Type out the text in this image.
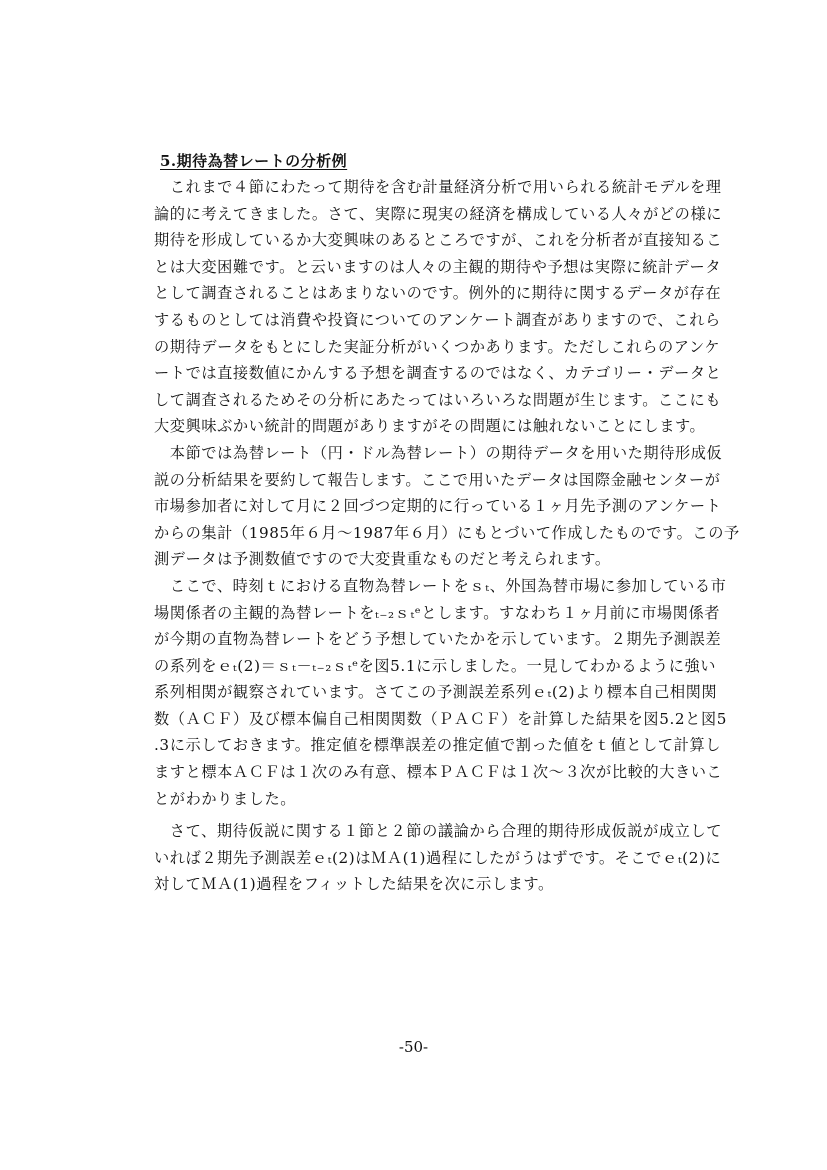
5.期待為替レートの分析例
　これまで４節にわたって期待を含む計量経済分析で用いられる統計モデルを理
論的に考えてきました。さて、実際に現実の経済を構成している人々がどの様に
期待を形成しているか大変興味のあるところですが、これを分析者が直接知るこ
とは大変困難です。と云いますのは人々の主観的期待や予想は実際に統計データ
として調査されることはあまりないのです。例外的に期待に関するデータが存在
するものとしては消費や投資についてのアンケート調査がありますので、これら
の期待データをもとにした実証分析がいくつかあります。ただしこれらのアンケ
ートでは直接数値にかんする予想を調査するのではなく、カテゴリー・データと
して調査されるためその分析にあたってはいろいろな問題が生じます。ここにも
大変興味ぶかい統計的問題がありますがその問題には触れないことにします。
　本節では為替レート（円・ドル為替レート）の期待データを用いた期待形成仮
説の分析結果を要約して報告します。ここで用いたデータは国際金融センターが
市場参加者に対して月に２回づつ定期的に行っている１ヶ月先予測のアンケート
からの集計（1985年６月～1987年６月）にもとづいて作成したものです。この予
測データは予測数値ですので大変貴重なものだと考えられます。
　ここで、時刻ｔにおける直物為替レートをｓₜ、外国為替市場に参加している市
場関係者の主観的為替レートをₜ₋₂ｓₜᵉとします。すなわち１ヶ月前に市場関係者
が今期の直物為替レートをどう予想していたかを示しています。２期先予測誤差
の系列をｅₜ(2)＝ｓₜ－ₜ₋₂ｓₜᵉを図5.1に示しました。一見してわかるように強い
系列相関が観察されています。さてこの予測誤差系列ｅₜ(2)より標本自己相関関
数（ＡＣＦ）及び標本偏自己相関関数（ＰＡＣＦ）を計算した結果を図5.2と図5
.3に示しておきます。推定値を標準誤差の推定値で割った値をｔ値として計算し
ますと標本ＡＣＦは１次のみ有意、標本ＰＡＣＦは１次～３次が比較的大きいこ
とがわかりました。
　さて、期待仮説に関する１節と２節の議論から合理的期待形成仮説が成立して
いれば２期先予測誤差ｅₜ(2)はＭＡ(1)過程にしたがうはずです。そこでｅₜ(2)に
対してＭＡ(1)過程をフィットした結果を次に示します。
-50-
